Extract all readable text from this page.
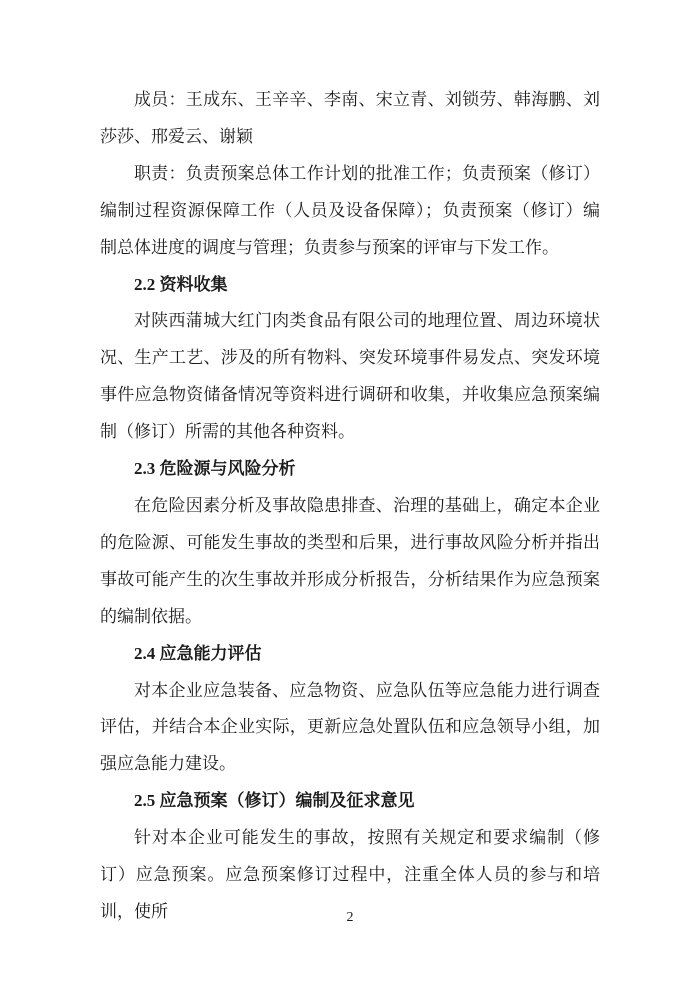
成员：王成东、王辛辛、李南、宋立青、刘锁劳、韩海鹏、刘莎莎、邢爱云、谢颖

职责：负责预案总体工作计划的批准工作；负责预案（修订）编制过程资源保障工作（人员及设备保障）；负责预案（修订）编制总体进度的调度与管理；负责参与预案的评审与下发工作。

2.2 资料收集

对陕西蒲城大红门肉类食品有限公司的地理位置、周边环境状况、生产工艺、涉及的所有物料、突发环境事件易发点、突发环境事件应急物资储备情况等资料进行调研和收集，并收集应急预案编制（修订）所需的其他各种资料。

2.3 危险源与风险分析

在危险因素分析及事故隐患排查、治理的基础上，确定本企业的危险源、可能发生事故的类型和后果，进行事故风险分析并指出事故可能产生的次生事故并形成分析报告，分析结果作为应急预案的编制依据。

2.4 应急能力评估

对本企业应急装备、应急物资、应急队伍等应急能力进行调查评估，并结合本企业实际，更新应急处置队伍和应急领导小组，加强应急能力建设。

2.5 应急预案（修订）编制及征求意见

针对本企业可能发生的事故，按照有关规定和要求编制（修订）应急预案。应急预案修订过程中，注重全体人员的参与和培训，使所	2
